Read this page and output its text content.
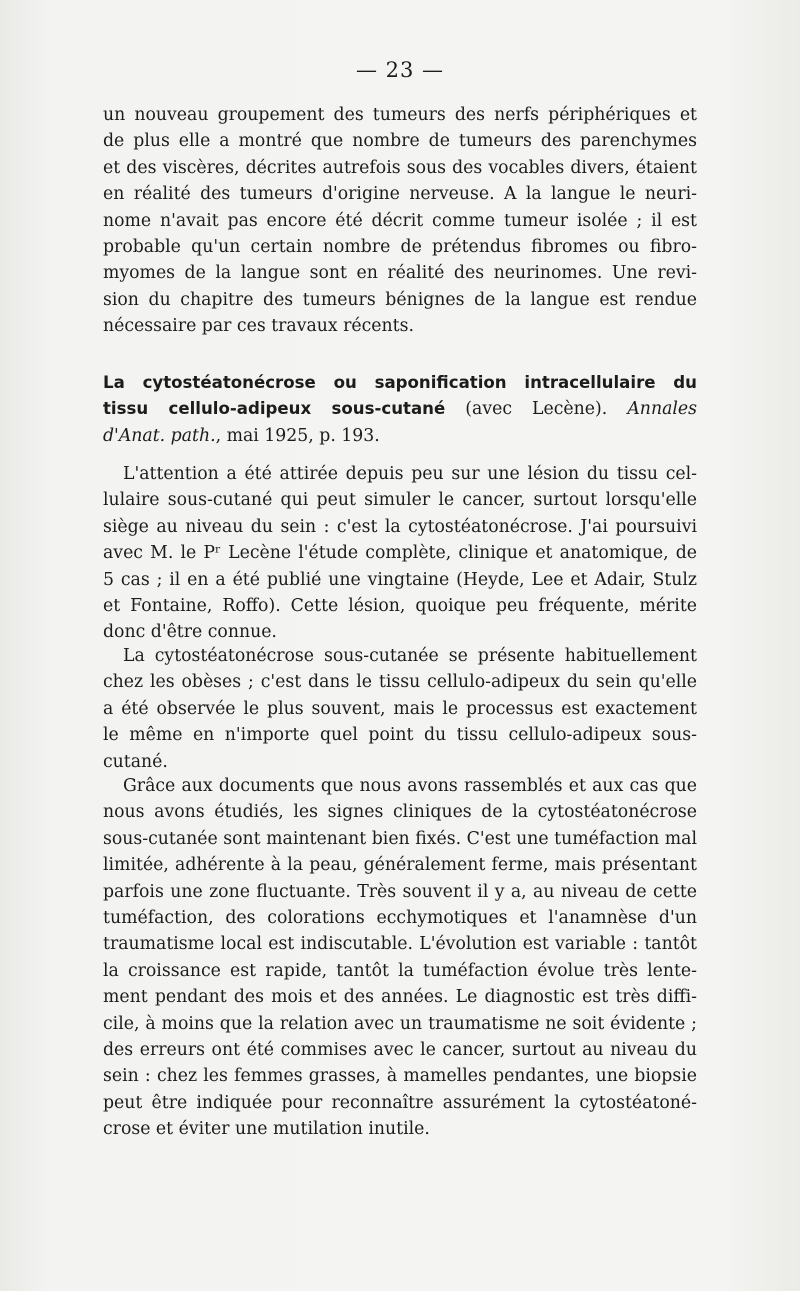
— 23 —
un nouveau groupement des tumeurs des nerfs périphériques et
de plus elle a montré que nombre de tumeurs des parenchymes
et des viscères, décrites autrefois sous des vocables divers, étaient
en réalité des tumeurs d'origine nerveuse. A la langue le neuri-
nome n'avait pas encore été décrit comme tumeur isolée ; il est
probable qu'un certain nombre de prétendus fibromes ou fibro-
myomes de la langue sont en réalité des neurinomes. Une revi-
sion du chapitre des tumeurs bénignes de la langue est rendue
nécessaire par ces travaux récents.
La cytostéatonécrose ou saponification intracellulaire du
tissu cellulo-adipeux sous-cutané (avec Lecène). Annales
d'Anat. path., mai 1925, p. 193.
L'attention a été attirée depuis peu sur une lésion du tissu cel-
lulaire sous-cutané qui peut simuler le cancer, surtout lorsqu'elle
siège au niveau du sein : c'est la cytostéatonécrose. J'ai poursuivi
avec M. le Pʳ Lecène l'étude complète, clinique et anatomique, de
5 cas ; il en a été publié une vingtaine (Heyde, Lee et Adair, Stulz
et Fontaine, Roffo). Cette lésion, quoique peu fréquente, mérite
donc d'être connue.
La cytostéatonécrose sous-cutanée se présente habituellement
chez les obèses ; c'est dans le tissu cellulo-adipeux du sein qu'elle
a été observée le plus souvent, mais le processus est exactement
le même en n'importe quel point du tissu cellulo-adipeux sous-
cutané.
Grâce aux documents que nous avons rassemblés et aux cas que
nous avons étudiés, les signes cliniques de la cytostéatonécrose
sous-cutanée sont maintenant bien fixés. C'est une tuméfaction mal
limitée, adhérente à la peau, généralement ferme, mais présentant
parfois une zone fluctuante. Très souvent il y a, au niveau de cette
tuméfaction, des colorations ecchymotiques et l'anamnèse d'un
traumatisme local est indiscutable. L'évolution est variable : tantôt
la croissance est rapide, tantôt la tuméfaction évolue très lente-
ment pendant des mois et des années. Le diagnostic est très diffi-
cile, à moins que la relation avec un traumatisme ne soit évidente ;
des erreurs ont été commises avec le cancer, surtout au niveau du
sein : chez les femmes grasses, à mamelles pendantes, une biopsie
peut être indiquée pour reconnaître assurément la cytostéatoné-
crose et éviter une mutilation inutile.
